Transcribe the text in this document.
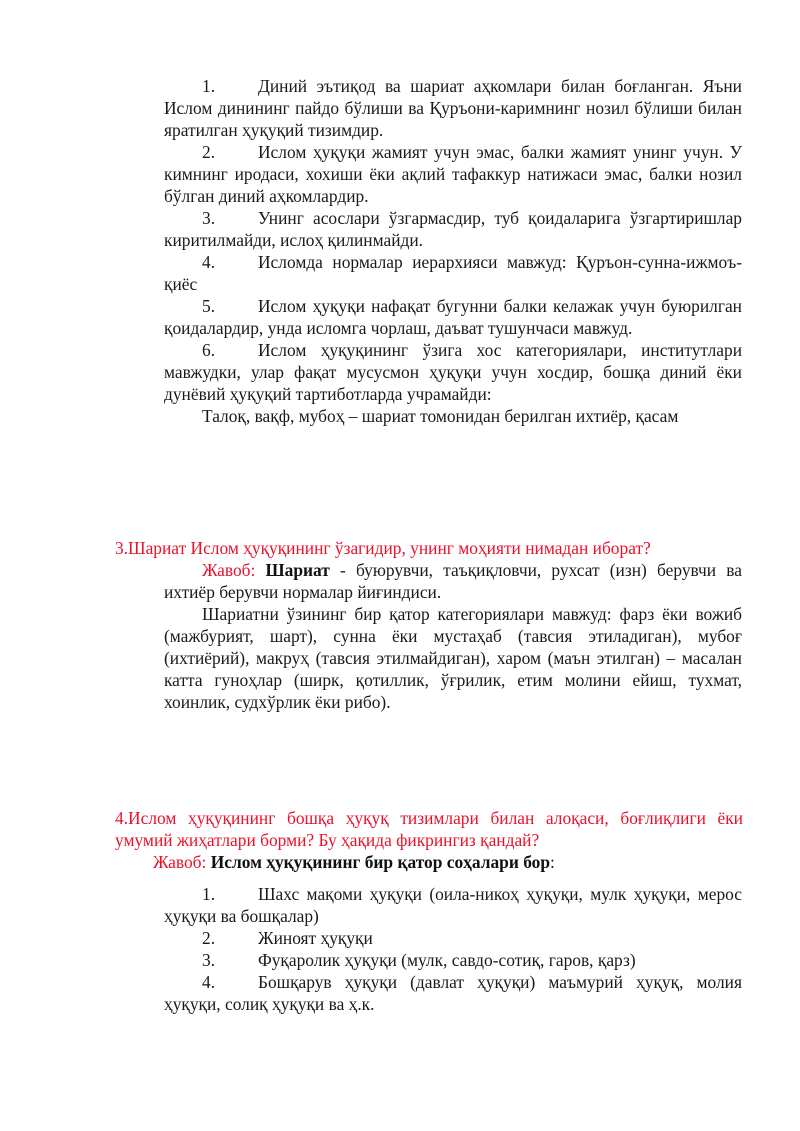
1. Диний эътиқод ва шариат аҳкомлари билан боғланган. Яъни Ислом динининг пайдо бўлиши ва Қуръони-каримнинг нозил бўлиши билан яратилган ҳуқуқий тизимдир.

2. Ислом ҳуқуқи жамият учун эмас, балки жамият унинг учун. У кимнинг иродаси, хохиши ёки ақлий тафаккур натижаси эмас, балки нозил бўлган диний аҳкомлардир.

3. Унинг асослари ўзгармасдир, туб қоидаларига ўзгартиришлар киритилмайди, ислоҳ қилинмайди.

4. Исломда нормалар иерархияси мавжуд: Қуръон-сунна-ижмоъ-қиёс

5. Ислом ҳуқуқи нафақат бугунни балки келажак учун буюрилган қоидалардир, унда исломга чорлаш, даъват тушунчаси мавжуд.

6. Ислом ҳуқуқининг ўзига хос категориялари, институтлари мавжудки, улар фақат мусусмон ҳуқуқи учун хосдир, бошқа диний ёки дунёвий ҳуқуқий тартиботларда учрамайди:

Талоқ, вақф, мубоҳ – шариат томонидан берилган ихтиёр, қасам

3.Шариат Ислом ҳуқуқининг ўзагидир, унинг моҳияти нимадан иборат?

Жавоб: Шариат - буюрувчи, таъқиқловчи, рухсат (изн) берувчи ва ихтиёр берувчи нормалар йиғиндиси.

Шариатни ўзининг бир қатор категориялари мавжуд: фарз ёки вожиб (мажбурият, шарт), сунна ёки мустаҳаб (тавсия этиладиган), мубоғ (ихтиёрий), макруҳ (тавсия этилмайдиган), харом (маън этилган) – масалан катта гуноҳлар (ширк, қотиллик, ўғрилик, етим молини ейиш, тухмат, хоинлик, судхўрлик ёки рибо).

4.Ислом ҳуқуқининг бошқа ҳуқуқ тизимлари билан алоқаси, боғлиқлиги ёки умумий жиҳатлари борми? Бу ҳақида фикрингиз қандай?

Жавоб: Ислом ҳуқуқининг бир қатор соҳалари бор:

1. Шахс мақоми ҳуқуқи (оила-никоҳ ҳуқуқи, мулк ҳуқуқи, мерос ҳуқуқи ва бошқалар)

2. Жиноят ҳуқуқи

3. Фуқаролик ҳуқуқи (мулк, савдо-сотиқ, гаров, қарз)

4. Бошқарув ҳуқуқи (давлат ҳуқуқи) маъмурий ҳуқуқ, молия ҳуқуқи, солиқ ҳуқуқи ва ҳ.к.
